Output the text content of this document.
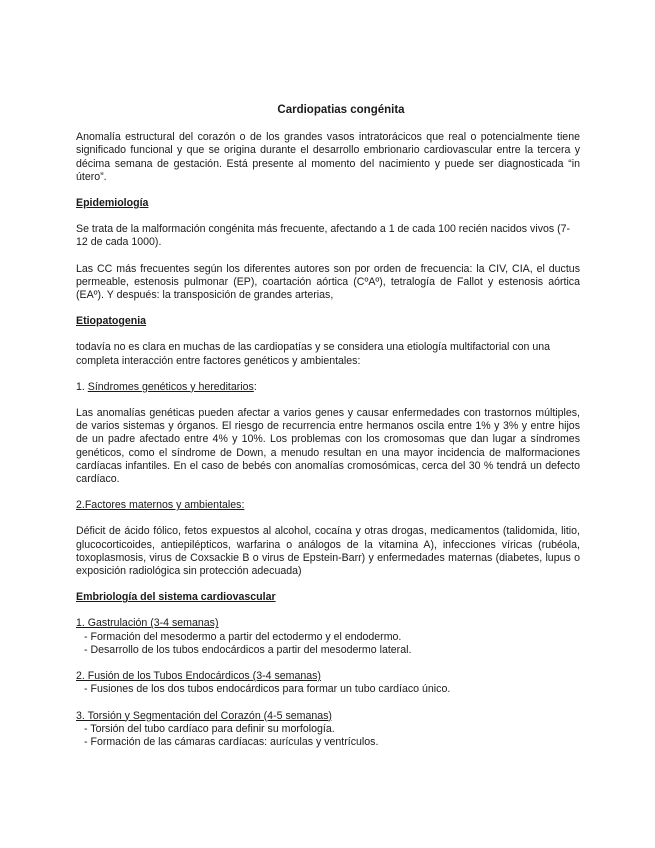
Cardiopatias congénita

Anomalía estructural del corazón o de los grandes vasos intratorácicos que real o potencialmente tiene significado funcional y que se origina durante el desarrollo embrionario cardiovascular entre la tercera y décima semana de gestación. Está presente al momento del nacimiento y puede ser diagnosticada “in útero”.

Epidemiología

Se trata de la malformación congénita más frecuente, afectando a 1 de cada 100 recién nacidos vivos (7-12 de cada 1000).

Las CC más frecuentes según los diferentes autores son por orden de frecuencia: la CIV, CIA, el ductus permeable, estenosis pulmonar (EP), coartación aórtica (CºAº), tetralogía de Fallot y estenosis aórtica (EAº). Y después: la transposición de grandes arterias,

Etiopatogenia

todavía no es clara en muchas de las cardiopatías y se considera una etiología multifactorial con una completa interacción entre factores genéticos y ambientales:

1. Síndromes genéticos y hereditarios:

Las anomalías genéticas pueden afectar a varios genes y causar enfermedades con trastornos múltiples, de varios sistemas y órganos. El riesgo de recurrencia entre hermanos oscila entre 1% y 3% y entre hijos de un padre afectado entre 4% y 10%. Los problemas con los cromosomas que dan lugar a síndromes genéticos, como el síndrome de Down, a menudo resultan en una mayor incidencia de malformaciones cardíacas infantiles. En el caso de bebés con anomalías cromosómicas, cerca del 30 % tendrá un defecto cardíaco.

2.Factores maternos y ambientales:

Déficit de ácido fólico, fetos expuestos al alcohol, cocaína y otras drogas, medicamentos (talidomida, litio, glucocorticoides, antiepilépticos, warfarina o análogos de la vitamina A), infecciones víricas (rubéola, toxoplasmosis, virus de Coxsackie B o virus de Epstein-Barr) y enfermedades maternas (diabetes, lupus o exposición radiológica sin protección adecuada)

Embriología del sistema cardiovascular
1. Gastrulación (3-4 semanas)
- Formación del mesodermo a partir del ectodermo y el endodermo.
- Desarrollo de los tubos endocárdicos a partir del mesodermo lateral.
2. Fusión de los Tubos Endocárdicos (3-4 semanas)
- Fusiones de los dos tubos endocárdicos para formar un tubo cardíaco único.
3. Torsión y Segmentación del Corazón (4-5 semanas)
- Torsión del tubo cardíaco para definir su morfología.
- Formación de las cámaras cardíacas: aurículas y ventrículos.
